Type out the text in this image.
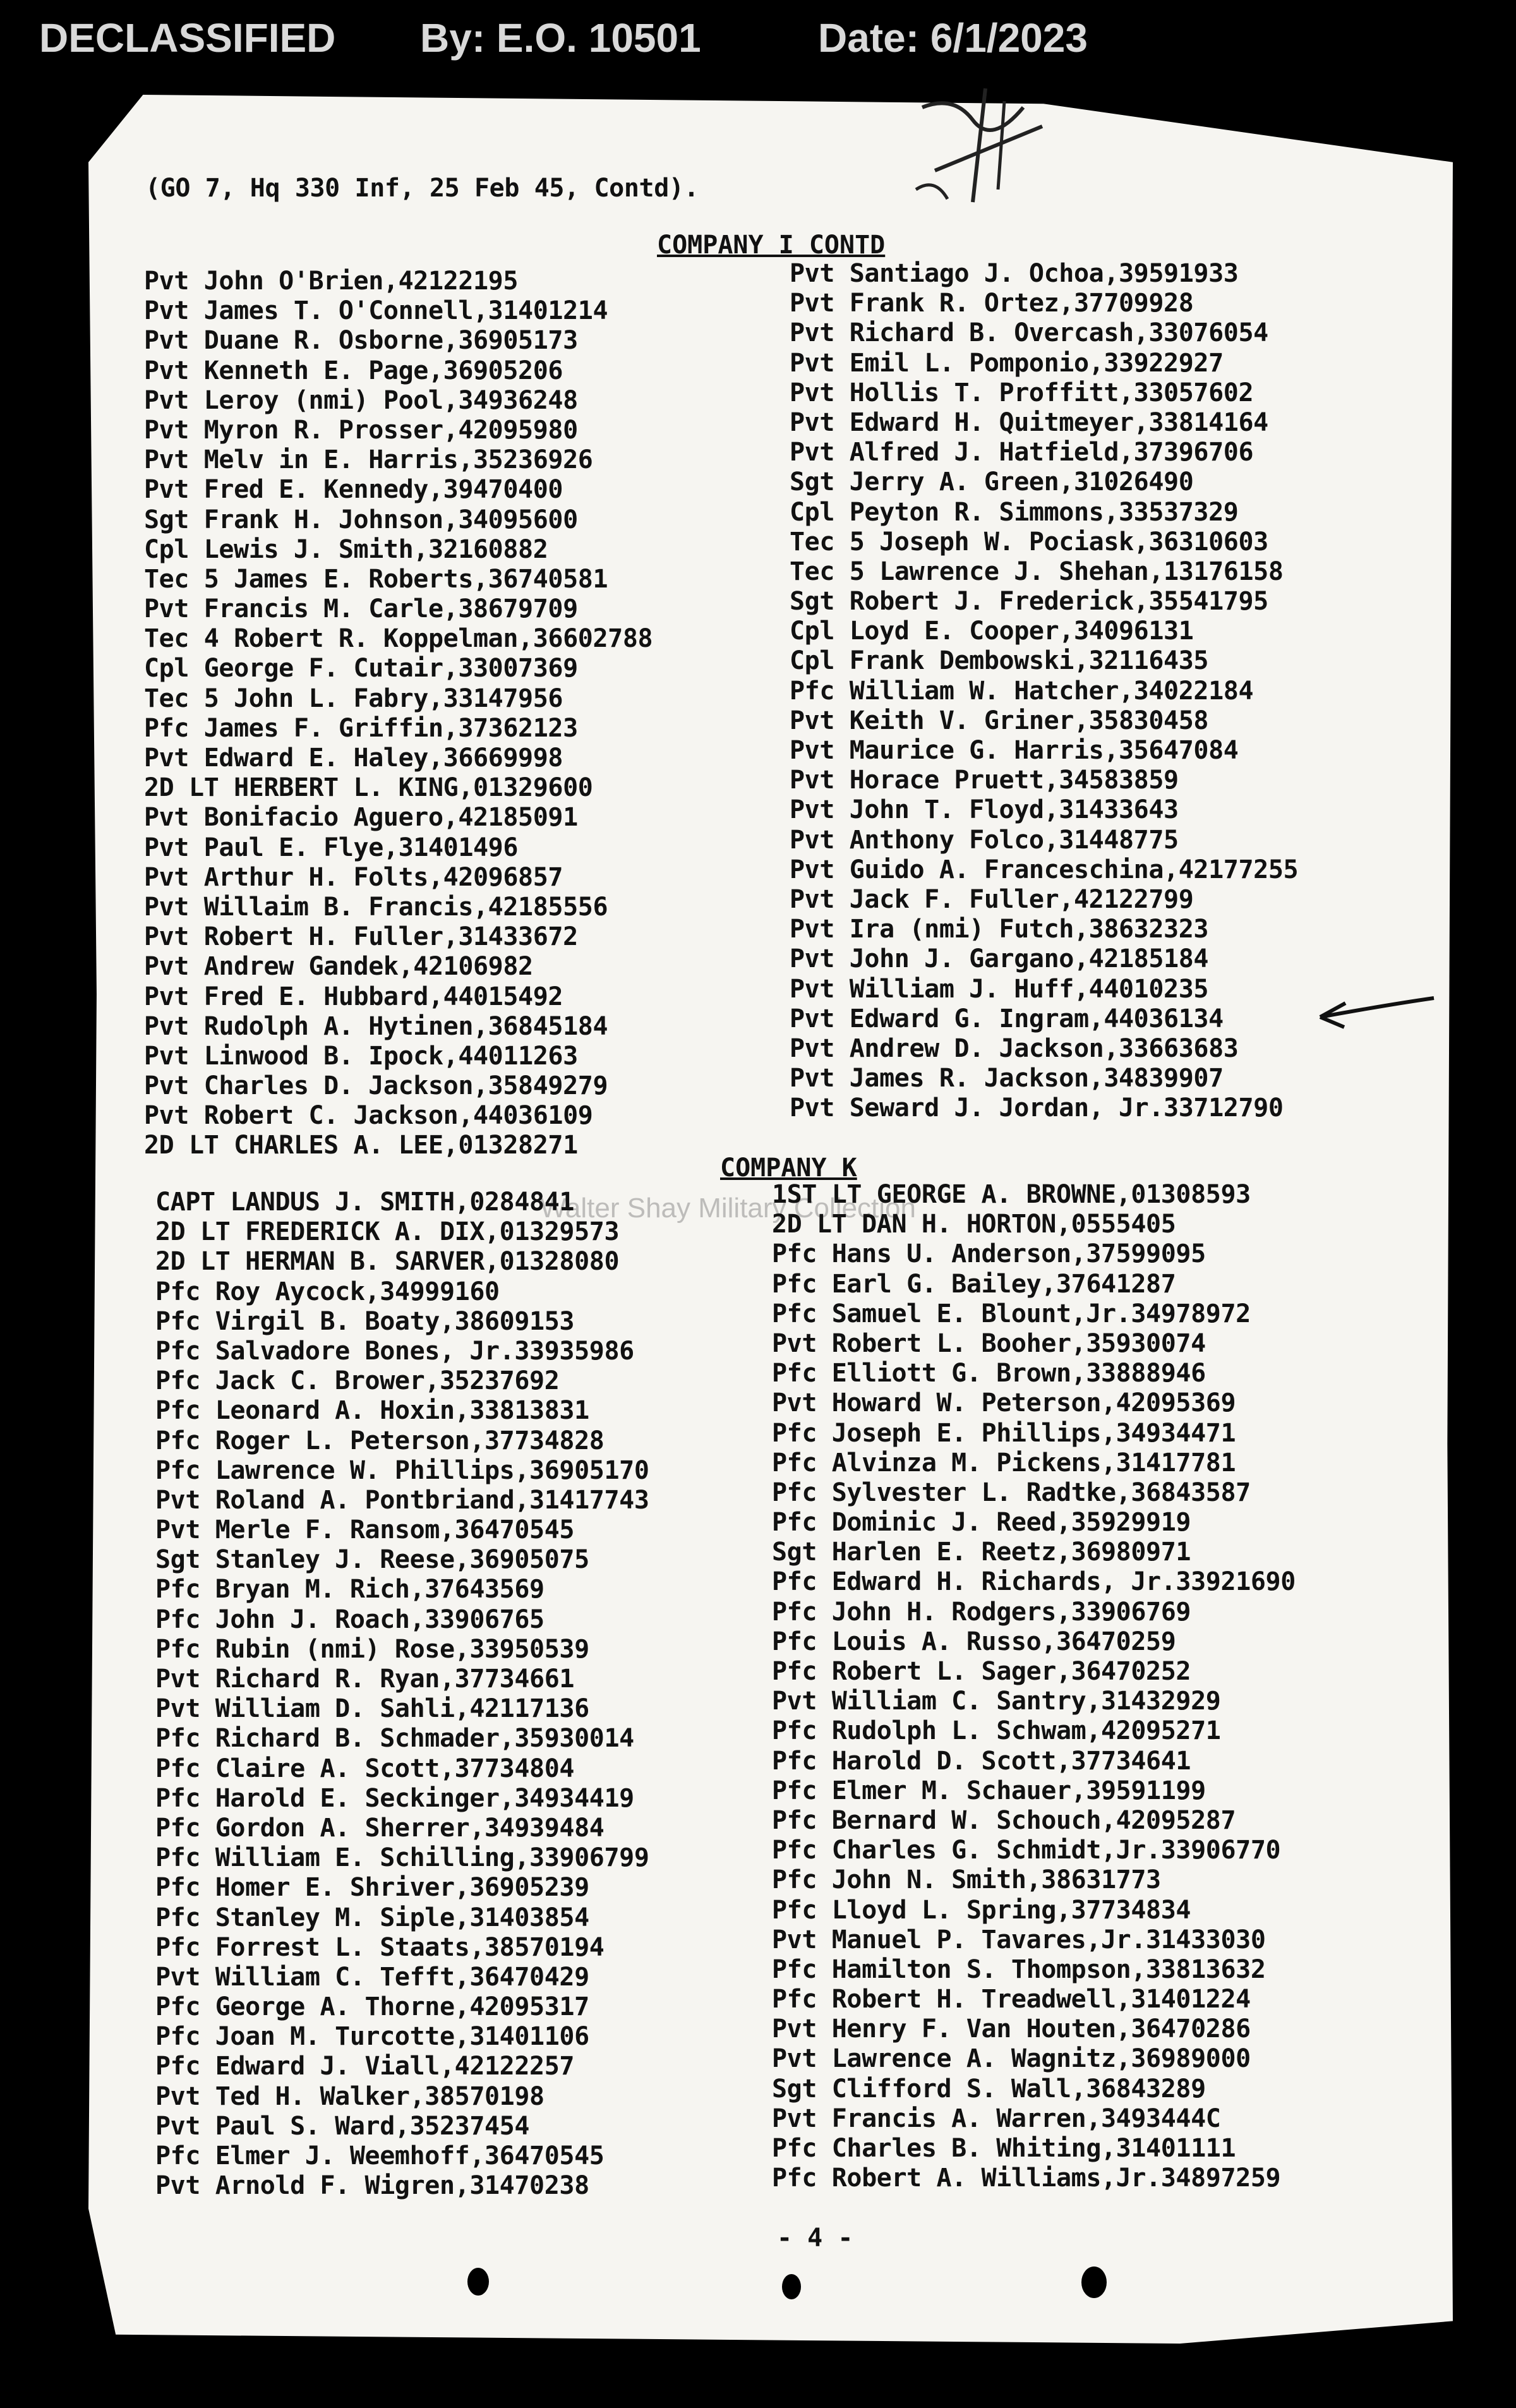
DECLASSIFIED By: E.O. 10501	Date: 6/1/2023
(GO 7, Hq 330 Inf, 25 Feb 45, Contd).
COMPANY I CONTD
Pvt John O'Brien,42122195
Pvt James T. O'Connell,31401214
Pvt Duane R. Osborne,36905173
Pvt Kenneth E. Page,36905206
Pvt Leroy (nmi) Pool,34936248
Pvt Myron R. Prosser,42095980
Pvt Melv in E. Harris,35236926
Pvt Fred E. Kennedy,39470400
Sgt Frank H. Johnson,34095600
Cpl Lewis J. Smith,32160882
Tec 5 James E. Roberts,36740581
Pvt Francis M. Carle,38679709
Tec 4 Robert R. Koppelman,36602788
Cpl George F. Cutair,33007369
Tec 5 John L. Fabry,33147956
Pfc James F. Griffin,37362123
Pvt Edward E. Haley,36669998
2D LT HERBERT L. KING,01329600
Pvt Bonifacio Aguero,42185091
Pvt Paul E. Flye,31401496
Pvt Arthur H. Folts,42096857
Pvt Willaim B. Francis,42185556
Pvt Robert H. Fuller,31433672
Pvt Andrew Gandek,42106982
Pvt Fred E. Hubbard,44015492
Pvt Rudolph A. Hytinen,36845184
Pvt Linwood B. Ipock,44011263
Pvt Charles D. Jackson,35849279
Pvt Robert C. Jackson,44036109
2D LT CHARLES A. LEE,01328271
Pvt Santiago J. Ochoa,39591933
Pvt Frank R. Ortez,37709928
Pvt Richard B. Overcash,33076054
Pvt Emil L. Pomponio,33922927
Pvt Hollis T. Proffitt,33057602
Pvt Edward H. Quitmeyer,33814164
Pvt Alfred J. Hatfield,37396706
Sgt Jerry A. Green,31026490
Cpl Peyton R. Simmons,33537329
Tec 5 Joseph W. Pociask,36310603
Tec 5 Lawrence J. Shehan,13176158
Sgt Robert J. Frederick,35541795
Cpl Loyd E. Cooper,34096131
Cpl Frank Dembowski,32116435
Pfc William W. Hatcher,34022184
Pvt Keith V. Griner,35830458
Pvt Maurice G. Harris,35647084
Pvt Horace Pruett,34583859
Pvt John T. Floyd,31433643
Pvt Anthony Folco,31448775
Pvt Guido A. Franceschina,42177255
Pvt Jack F. Fuller,42122799
Pvt Ira (nmi) Futch,38632323
Pvt John J. Gargano,42185184
Pvt William J. Huff,44010235
Pvt Edward G. Ingram,44036134
Pvt Andrew D. Jackson,33663683
Pvt James R. Jackson,34839907
Pvt Seward J. Jordan, Jr.33712790
COMPANY K
Walter Shay Military Collection
CAPT LANDUS J. SMITH,0284841
2D LT FREDERICK A. DIX,01329573
2D LT HERMAN B. SARVER,01328080
Pfc Roy Aycock,34999160
Pfc Virgil B. Boaty,38609153
Pfc Salvadore Bones, Jr.33935986
Pfc Jack C. Brower,35237692
Pfc Leonard A. Hoxin,33813831
Pfc Roger L. Peterson,37734828
Pfc Lawrence W. Phillips,36905170
Pvt Roland A. Pontbriand,31417743
Pvt Merle F. Ransom,36470545
Sgt Stanley J. Reese,36905075
Pfc Bryan M. Rich,37643569
Pfc John J. Roach,33906765
Pfc Rubin (nmi) Rose,33950539
Pvt Richard R. Ryan,37734661
Pvt William D. Sahli,42117136
Pfc Richard B. Schmader,35930014
Pfc Claire A. Scott,37734804
Pfc Harold E. Seckinger,34934419
Pfc Gordon A. Sherrer,34939484
Pfc William E. Schilling,33906799
Pfc Homer E. Shriver,36905239
Pfc Stanley M. Siple,31403854
Pfc Forrest L. Staats,38570194
Pvt William C. Tefft,36470429
Pfc George A. Thorne,42095317
Pfc Joan M. Turcotte,31401106
Pfc Edward J. Viall,42122257
Pvt Ted H. Walker,38570198
Pvt Paul S. Ward,35237454
Pfc Elmer J. Weemhoff,36470545
Pvt Arnold F. Wigren,31470238
1ST LT GEORGE A. BROWNE,01308593
2D LT DAN H. HORTON,0555405
Pfc Hans U. Anderson,37599095
Pfc Earl G. Bailey,37641287
Pfc Samuel E. Blount,Jr.34978972
Pvt Robert L. Booher,35930074
Pfc Elliott G. Brown,33888946
Pvt Howard W. Peterson,42095369
Pfc Joseph E. Phillips,34934471
Pfc Alvinza M. Pickens,31417781
Pfc Sylvester L. Radtke,36843587
Pfc Dominic J. Reed,35929919
Sgt Harlen E. Reetz,36980971
Pfc Edward H. Richards, Jr.33921690
Pfc John H. Rodgers,33906769
Pfc Louis A. Russo,36470259
Pfc Robert L. Sager,36470252
Pvt William C. Santry,31432929
Pfc Rudolph L. Schwam,42095271
Pfc Harold D. Scott,37734641
Pfc Elmer M. Schauer,39591199
Pfc Bernard W. Schouch,42095287
Pfc Charles G. Schmidt,Jr.33906770
Pfc John N. Smith,38631773
Pfc Lloyd L. Spring,37734834
Pvt Manuel P. Tavares,Jr.31433030
Pfc Hamilton S. Thompson,33813632
Pfc Robert H. Treadwell,31401224
Pvt Henry F. Van Houten,36470286
Pvt Lawrence A. Wagnitz,36989000
Sgt Clifford S. Wall,36843289
Pvt Francis A. Warren,3493444C
Pfc Charles B. Whiting,31401111
Pfc Robert A. Williams,Jr.34897259
- 4 -
